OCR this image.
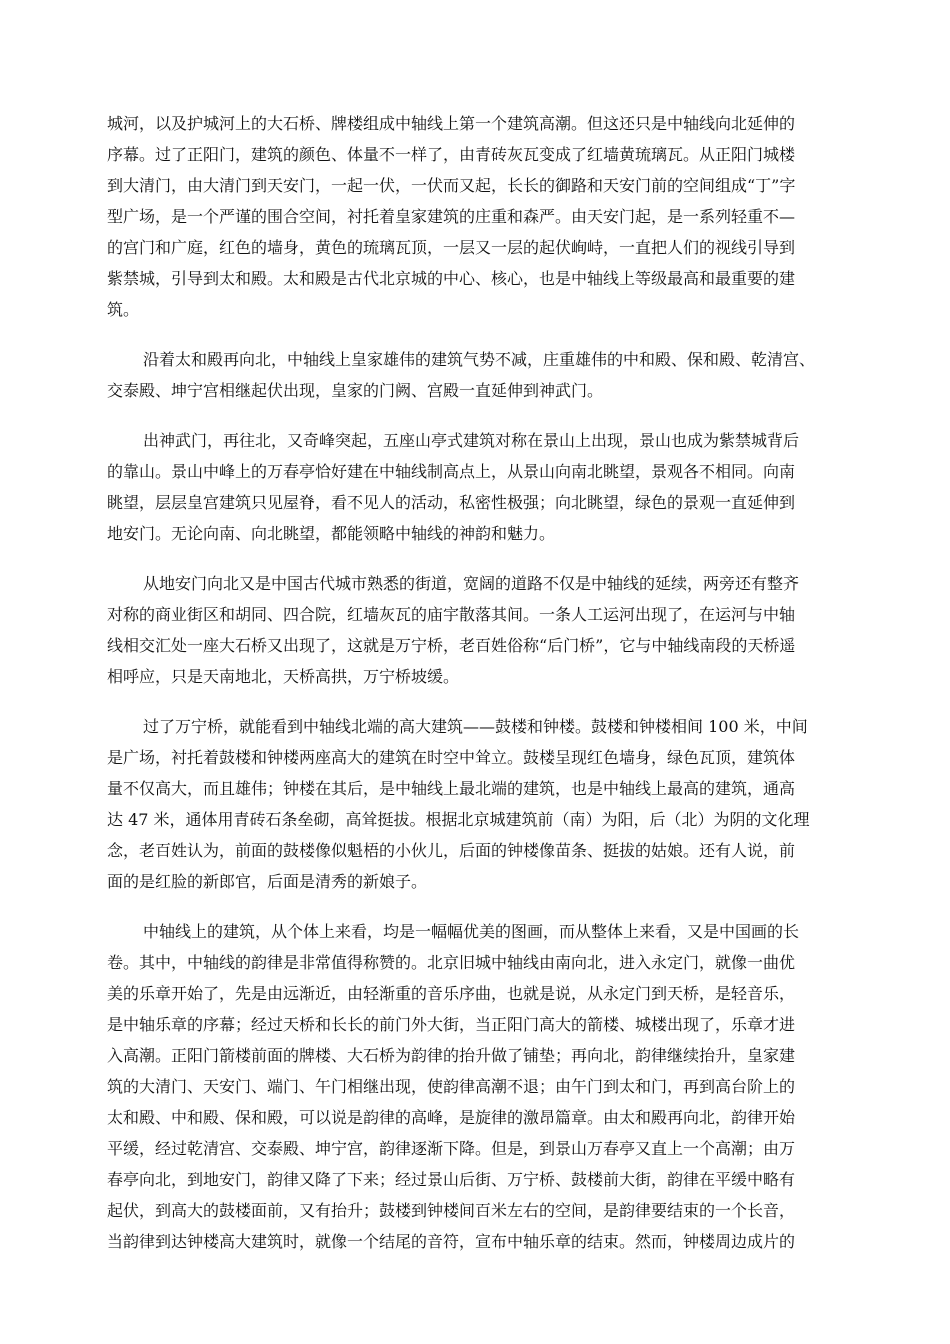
城河，以及护城河上的大石桥、牌楼组成中轴线上第一个建筑高潮。但这还只是中轴线向北延伸的
序幕。过了正阳门，建筑的颜色、体量不一样了，由青砖灰瓦变成了红墙黄琉璃瓦。从正阳门城楼
到大清门，由大清门到天安门，一起一伏，一伏而又起，长长的御路和天安门前的空间组成“丁”字
型广场，是一个严谨的围合空间，衬托着皇家建筑的庄重和森严。由天安门起，是一系列轻重不—
的宫门和广庭，红色的墙身，黄色的琉璃瓦顶，一层又一层的起伏峋峙，一直把人们的视线引导到
紫禁城，引导到太和殿。太和殿是古代北京城的中心、核心，也是中轴线上等级最高和最重要的建
筑。

沿着太和殿再向北，中轴线上皇家雄伟的建筑气势不减，庄重雄伟的中和殿、保和殿、乾清宫、
交泰殿、坤宁宫相继起伏出现，皇家的门阙、宫殿一直延伸到神武门。

出神武门，再往北，又奇峰突起，五座山亭式建筑对称在景山上出现，景山也成为紫禁城背后
的靠山。景山中峰上的万春亭恰好建在中轴线制高点上，从景山向南北眺望，景观各不相同。向南
眺望，层层皇宫建筑只见屋脊，看不见人的活动，私密性极强；向北眺望，绿色的景观一直延伸到
地安门。无论向南、向北眺望，都能领略中轴线的神韵和魅力。

从地安门向北又是中国古代城市熟悉的街道，宽阔的道路不仅是中轴线的延续，两旁还有整齐
对称的商业街区和胡同、四合院，红墙灰瓦的庙宇散落其间。一条人工运河出现了，在运河与中轴
线相交汇处一座大石桥又出现了，这就是万宁桥，老百姓俗称“后门桥”，它与中轴线南段的天桥遥
相呼应，只是天南地北，天桥高拱，万宁桥坡缓。

过了万宁桥，就能看到中轴线北端的高大建筑——鼓楼和钟楼。鼓楼和钟楼相间 100 米，中间
是广场，衬托着鼓楼和钟楼两座高大的建筑在时空中耸立。鼓楼呈现红色墙身，绿色瓦顶，建筑体
量不仅高大，而且雄伟；钟楼在其后，是中轴线上最北端的建筑，也是中轴线上最高的建筑，通高
达 47 米，通体用青砖石条垒砌，高耸挺拔。根据北京城建筑前（南）为阳，后（北）为阴的文化理
念，老百姓认为，前面的鼓楼像似魁梧的小伙儿，后面的钟楼像苗条、挺拔的姑娘。还有人说，前
面的是红脸的新郎官，后面是清秀的新娘子。

中轴线上的建筑，从个体上来看，均是一幅幅优美的图画，而从整体上来看，又是中国画的长
卷。其中，中轴线的韵律是非常值得称赞的。北京旧城中轴线由南向北，进入永定门，就像一曲优
美的乐章开始了，先是由远渐近，由轻渐重的音乐序曲，也就是说，从永定门到天桥，是轻音乐，
是中轴乐章的序幕；经过天桥和长长的前门外大街，当正阳门高大的箭楼、城楼出现了，乐章才进
入高潮。正阳门箭楼前面的牌楼、大石桥为韵律的抬升做了铺垫；再向北，韵律继续抬升，皇家建
筑的大清门、天安门、端门、午门相继出现，使韵律高潮不退；由午门到太和门，再到高台阶上的
太和殿、中和殿、保和殿，可以说是韵律的高峰，是旋律的激昂篇章。由太和殿再向北，韵律开始
平缓，经过乾清宫、交泰殿、坤宁宫，韵律逐渐下降。但是，到景山万春亭又直上一个高潮；由万
春亭向北，到地安门，韵律又降了下来；经过景山后街、万宁桥、鼓楼前大街，韵律在平缓中略有
起伏，到高大的鼓楼面前，又有抬升；鼓楼到钟楼间百米左右的空间，是韵律要结束的一个长音，
当韵律到达钟楼高大建筑时，就像一个结尾的音符，宣布中轴乐章的结束。然而，钟楼周边成片的
